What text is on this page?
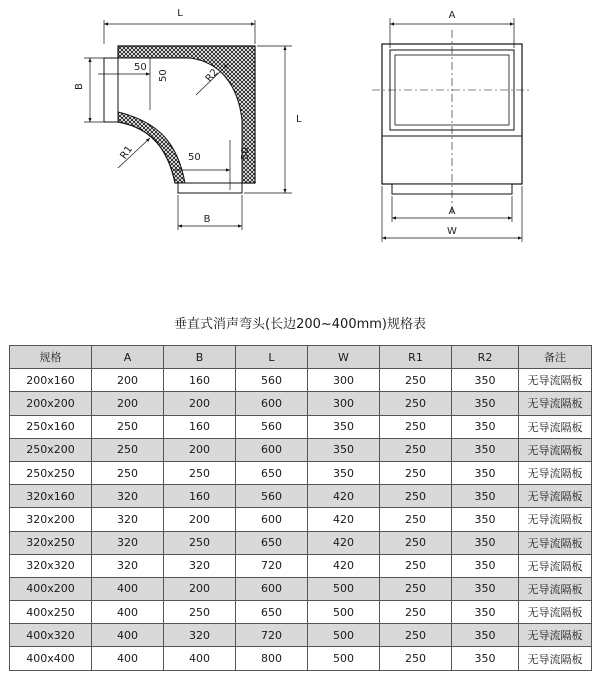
L
L
B
B
50
50
50	50
R1
R2
A
A
W
垂直式消声弯头(长边200~400mm)规格表
规格	A	B	L	W	R1	R2	备注
200x160	200	160	560	300	250	350	无导流隔板
200x200	200	200	600	300	250	350	无导流隔板
250x160	250	160	560	350	250	350	无导流隔板
250x200	250	200	600	350	250	350	无导流隔板
250x250	250	250	650	350	250	350	无导流隔板
320x160	320	160	560	420	250	350	无导流隔板
320x200	320	200	600	420	250	350	无导流隔板
320x250	320	250	650	420	250	350	无导流隔板
320x320	320	320	720	420	250	350	无导流隔板
400x200	400	200	600	500	250	350	无导流隔板
400x250	400	250	650	500	250	350	无导流隔板
400x320	400	320	720	500	250	350	无导流隔板
400x400	400	400	800	500	250	350	无导流隔板
